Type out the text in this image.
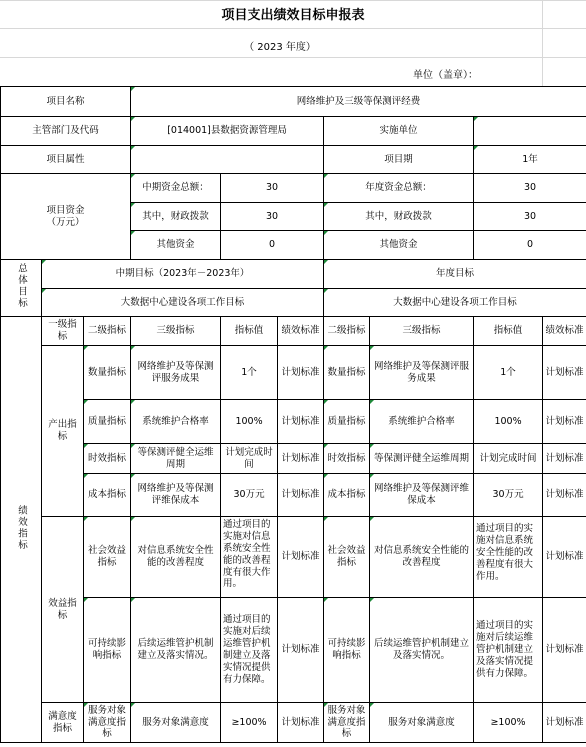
项目支出绩效目标申报表
（ 2023 年度）
单位（盖章）：
项目名称			网络维护及三级等保测评经费						
主管部门及代码			[014001]县数据资源管理局			实施单位			
项目属性						项目期		1年	
项目资金
（万元）			中期资金总额：	30		年度资金总额：		30	
			其中，财政拨款	30		其中，财政拨款		30	
			其他资金	0		其他资金		0	
总体目标	中期目标（2023年－2023年）					年度目标			
	大数据中心建设各项工作目标					大数据中心建设各项工作目标			
绩效指标	一级指标	二级指标	三级指标	指标值	绩效标准	二级指标	三级指标	指标值	绩效标准
	产出指标	数量指标	网络维护及等保测评服务成果	1个	计划标准	数量指标	网络维护及等保测评服务成果	1个	计划标准
		质量指标	系统维护合格率	100%	计划标准	质量指标	系统维护合格率	100%	计划标准
		时效指标	等保测评健全运维周期	计划完成时间	计划标准	时效指标	等保测评健全运维周期	计划完成时间	计划标准
		成本指标	网络维护及等保测评维保成本	30万元	计划标准	成本指标	网络维护及等保测评维保成本	30万元	计划标准
	效益指标	社会效益指标	对信息系统安全性能的改善程度	通过项目的实施对信息系统安全性能的改善程度有很大作用。	计划标准	社会效益指标	对信息系统安全性能的改善程度	通过项目的实施对信息系统安全性能的改善程度有很大作用。	计划标准
		可持续影响指标	后续运维管护机制建立及落实情况。	通过项目的实施对后续运维管护机制建立及落实情况提供有力保障。	计划标准	可持续影响指标	后续运维管护机制建立及落实情况。	通过项目的实施对后续运维管护机制建立及落实情况提供有力保障。	计划标准
	满意度指标	服务对象满意度指标	服务对象满意度	≥100%	计划标准	服务对象满意度指标	服务对象满意度	≥100%	计划标准
